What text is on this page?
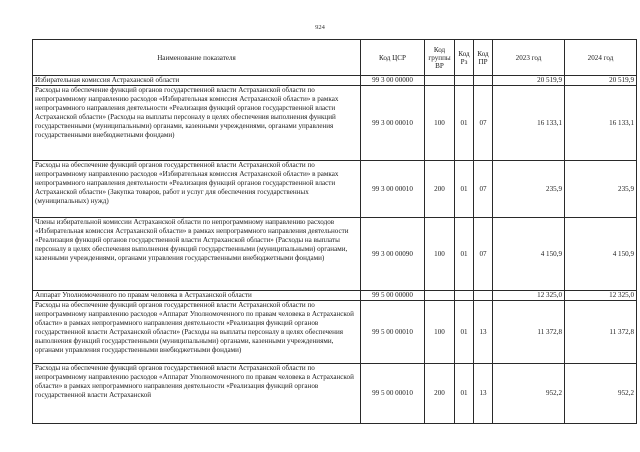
924
Наименование показателя	Код ЦСР	Код группы ВР	Код Рз	Код ПР	2023 год	2024 год
Избирательная комиссия Астраханской области	99 3 00 00000				20 519,9	20 519,9
Расходы на обеспечение функций органов государственной власти Астраханской области по непрограммному направлению расходов «Избирательная комиссия Астраханской области» в рамках непрограммного направления деятельности «Реализация функций органов государственной власти Астраханской области» (Расходы на выплаты персоналу в целях обеспечения выполнения функций государственными (муниципальными) органами, казенными учреждениями, органами управления государственными внебюджетными фондами)	99 3 00 00010	100	01	07	16 133,1	16 133,1
Расходы на обеспечение функций органов государственной власти Астраханской области по непрограммному направлению расходов «Избирательная комиссия Астраханской области» в рамках непрограммного направления деятельности «Реализация функций органов государственной власти Астраханской области» (Закупка товаров, работ и услуг для обеспечения государственных (муниципальных) нужд)	99 3 00 00010	200	01	07	235,9	235,9
Члены избирательной комиссии Астраханской области по непрограммному направлению расходов «Избирательная комиссия Астраханской области» в рамках непрограммного направления деятельности «Реализация функций органов государственной власти Астраханской области» (Расходы на выплаты персоналу в целях обеспечения выполнения функций государственными (муниципальными) органами, казенными учреждениями, органами управления государственными внебюджетными фондами)	99 3 00 00090	100	01	07	4 150,9	4 150,9
Аппарат Уполномоченного по правам человека в Астраханской области	99 5 00 00000				12 325,0	12 325,0
Расходы на обеспечение функций органов государственной власти Астраханской области по непрограммному направлению расходов «Аппарат Уполномоченного по правам человека в Астраханской области» в рамках непрограммного направления деятельности «Реализация функций органов государственной власти Астраханской области» (Расходы на выплаты персоналу в целях обеспечения выполнения функций государственными (муниципальными) органами, казенными учреждениями, органами управления государственными внебюджетными фондами)	99 5 00 00010	100	01	13	11 372,8	11 372,8
Расходы на обеспечение функций органов государственной власти Астраханской области по непрограммному направлению расходов «Аппарат Уполномоченного по правам человека в Астраханской области» в рамках непрограммного направления деятельности «Реализация функций органов государственной власти Астраханской	99 5 00 00010	200	01	13	952,2	952,2
